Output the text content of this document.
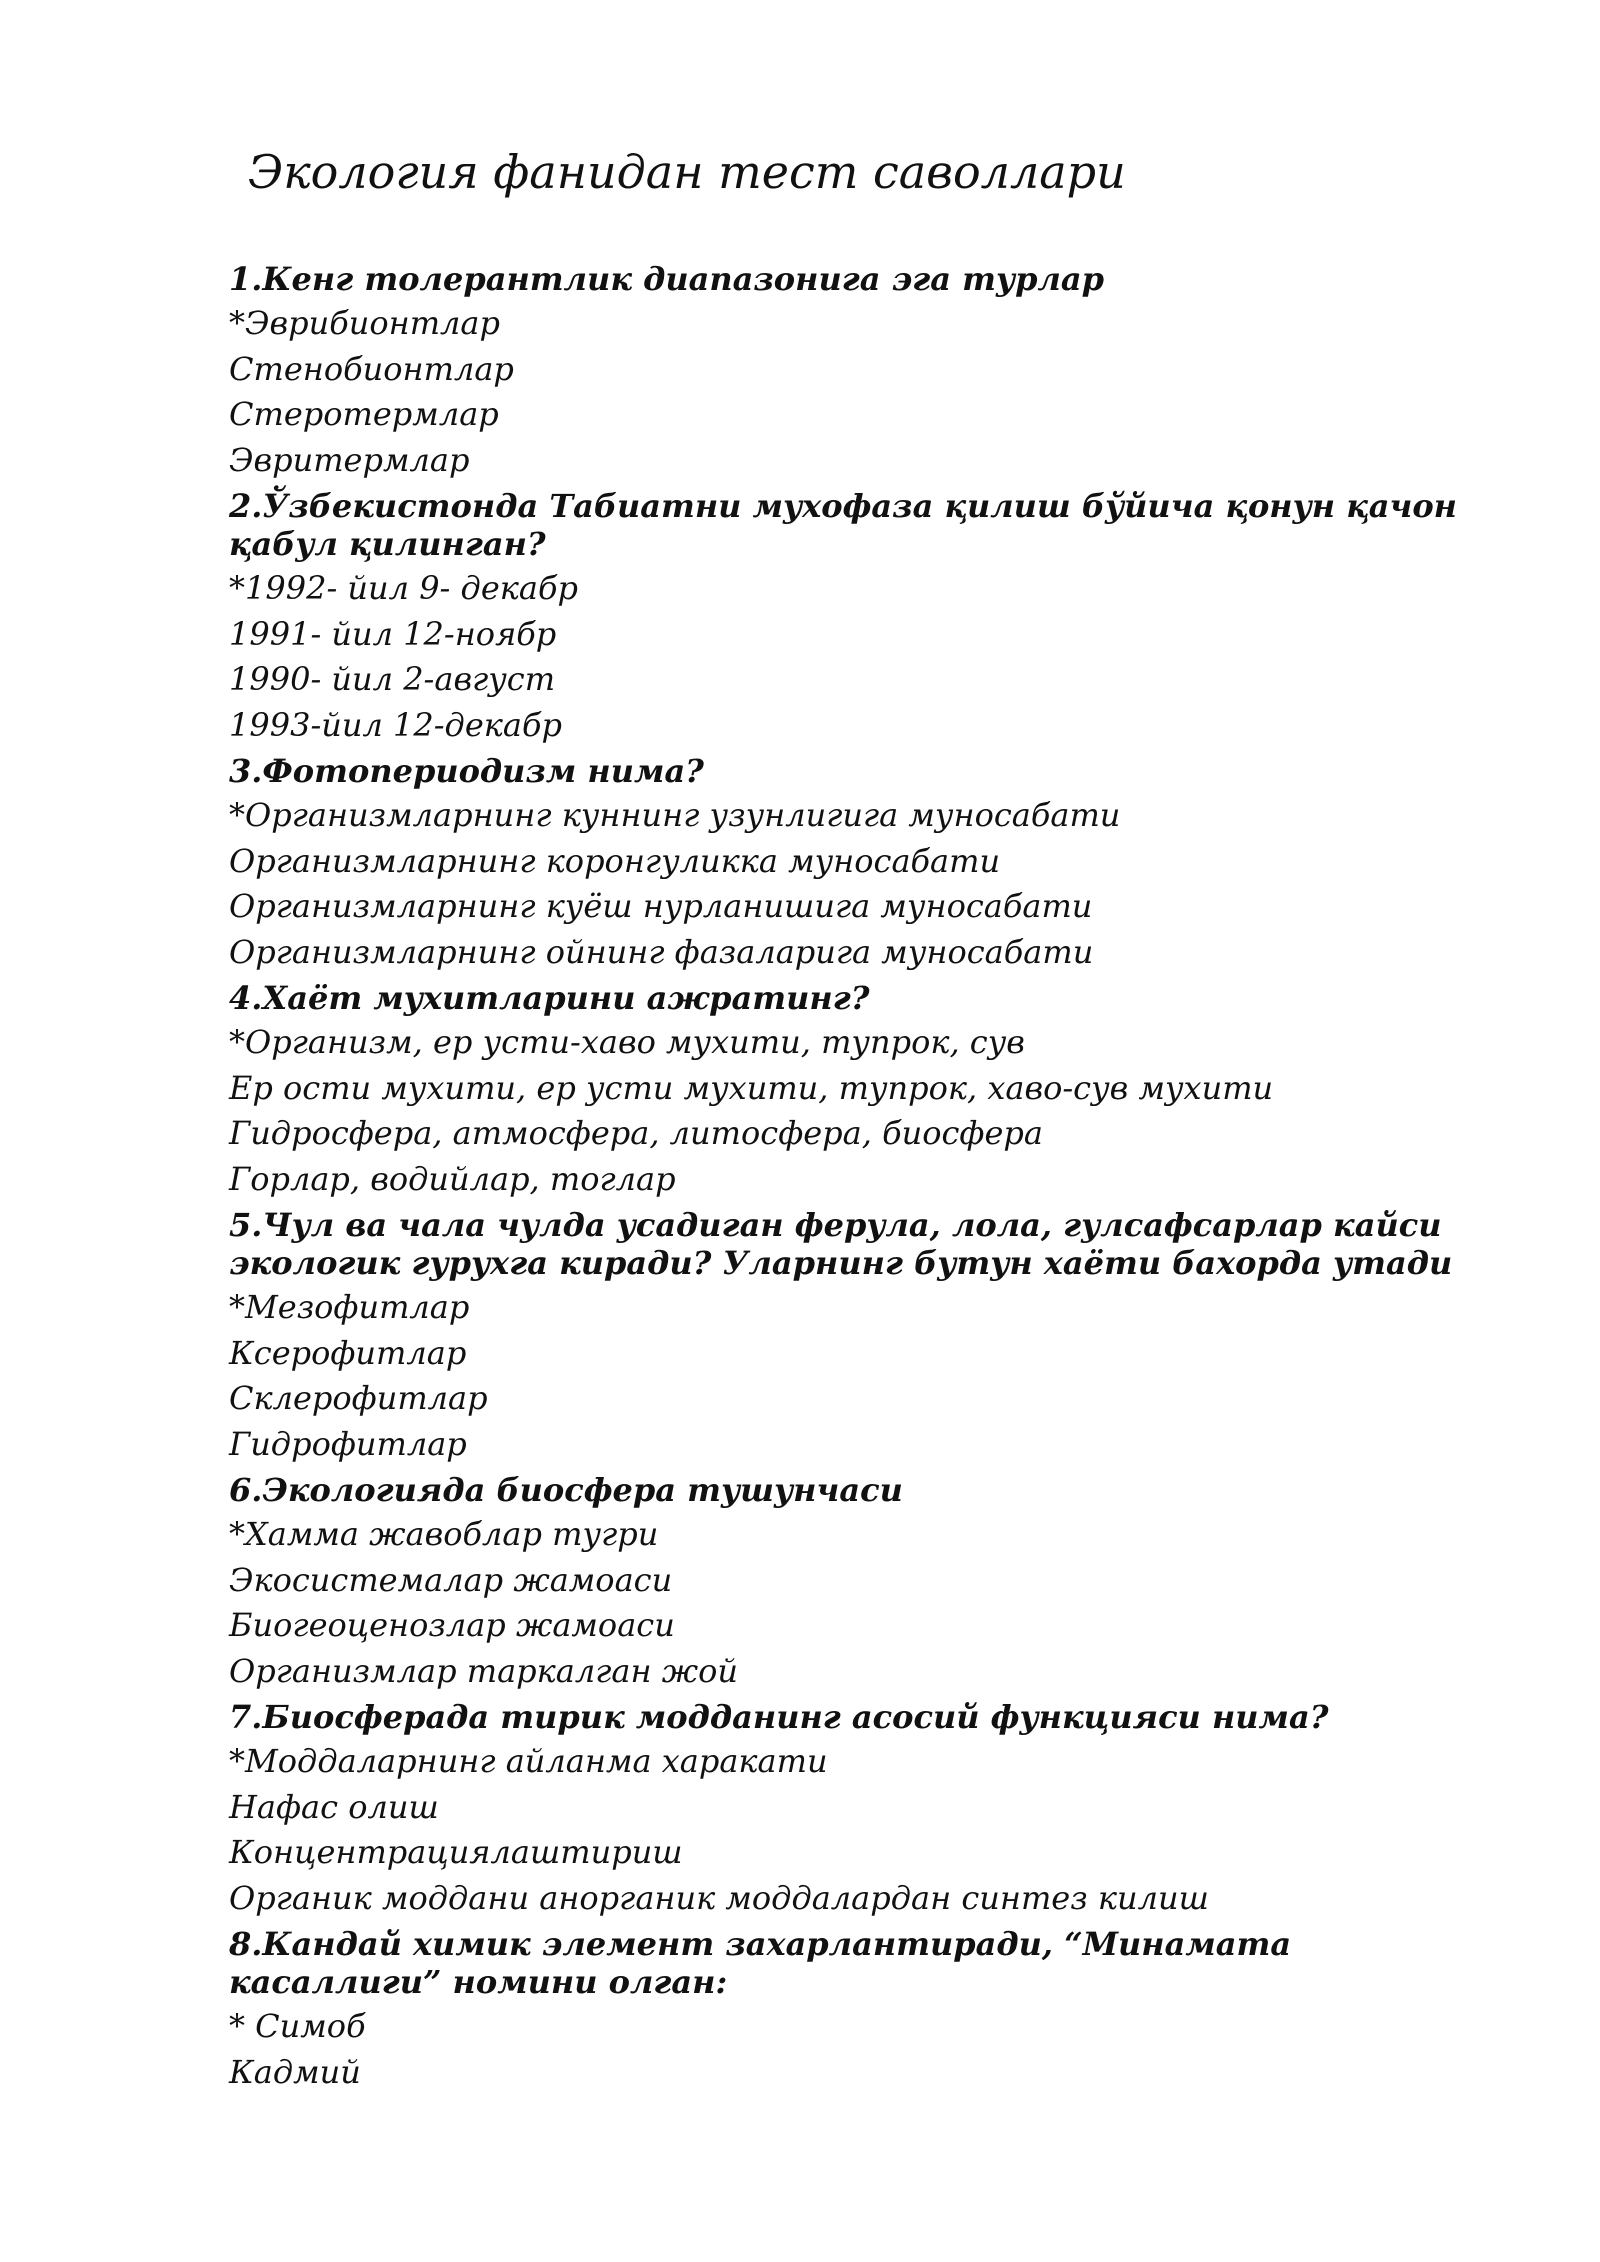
Экология фанидан тест саволлари

1.Кенг толерантлик диапазонига эга турлар

*Эврибионтлар
Стенобионтлар
Стеротермлар
Эвритермлар

2.Ўзбекистонда Табиатни мухофаза қилиш бўйича қонун қачон қабул қилинган?

*1992- йил 9- декабр
1991- йил 12-ноябр
1990- йил 2-август
1993-йил 12-декабр

3.Фотопериодизм нима?

*Организмларнинг куннинг узунлигига муносабати
Организмларнинг коронгуликка муносабати
Организмларнинг куёш нурланишига муносабати
Организмларнинг ойнинг фазаларига муносабати

4.Хаёт мухитларини ажратинг?

*Организм, ер усти-хаво мухити, тупрок, сув
Ер ости мухити, ер усти мухити, тупрок, хаво-сув мухити
Гидросфера, атмосфера, литосфера, биосфера
Горлар, водийлар, тоглар

5.Чул ва чала чулда усадиган ферула, лола, гулсафсарлар кайси экологик гурухга киради? Уларнинг бутун хаёти бахорда утади

*Мезофитлар
Ксерофитлар
Склерофитлар
Гидрофитлар

6.Экологияда биосфера тушунчаси

*Хамма жавоблар тугри
Экосистемалар жамоаси
Биогеоценозлар жамоаси
Организмлар таркалган жой

7.Биосферада тирик модданинг асосий функцияси нима?

*Моддаларнинг айланма харакати
Нафас олиш
Концентрациялаштириш
Органик моддани анорганик моддалардан синтез килиш

8.Кандай химик элемент захарлантиради, “Минамата касаллиги” номини олган:

* Симоб
Кадмий
